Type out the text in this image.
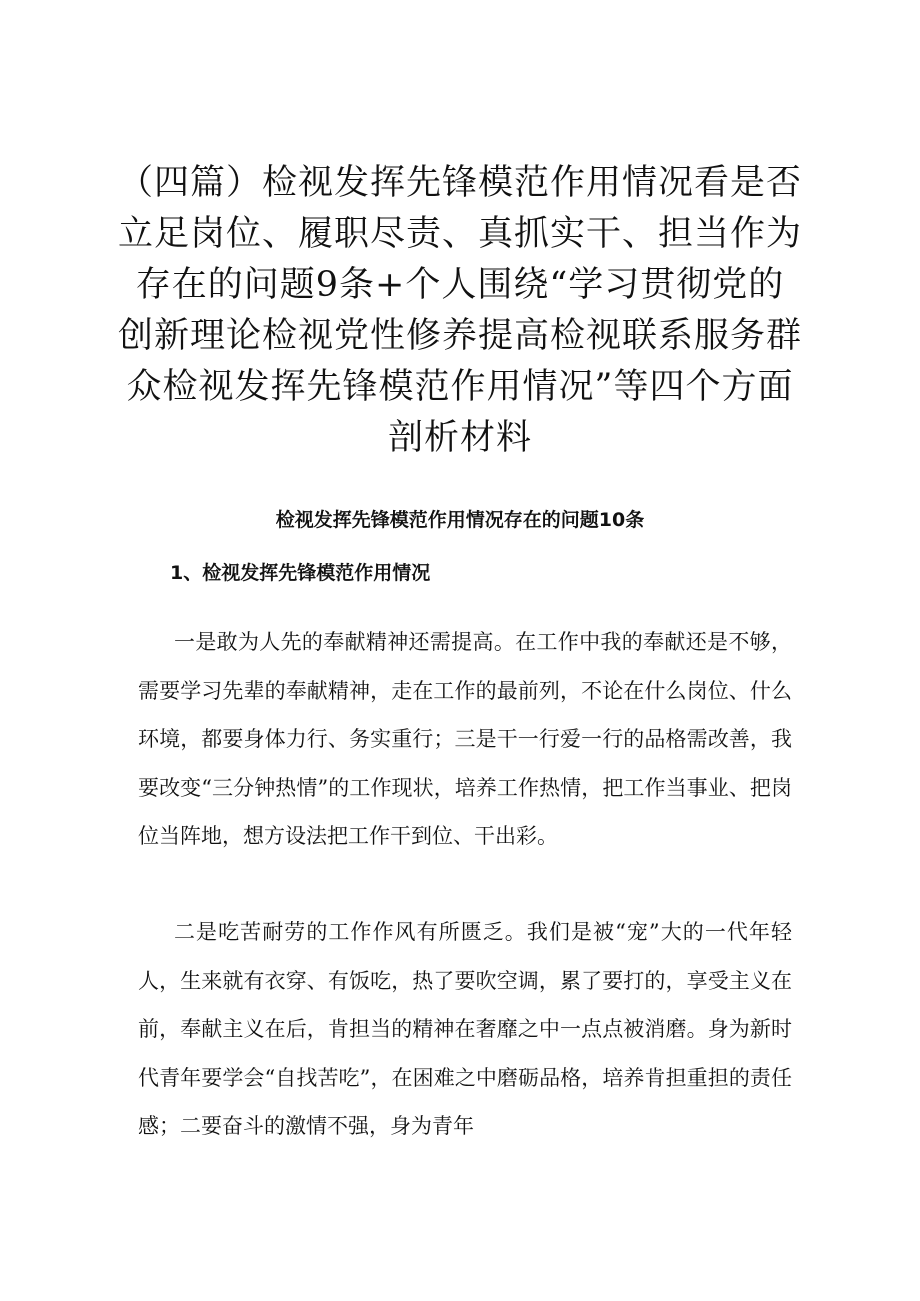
（四篇）检视发挥先锋模范作用情况看是否立足岗位、履职尽责、真抓实干、担当作为存在的问题9条+个人围绕“学习贯彻党的创新理论检视党性修养提高检视联系服务群众检视发挥先锋模范作用情况”等四个方面剖析材料
检视发挥先锋模范作用情况存在的问题10条
1、检视发挥先锋模范作用情况

一是敢为人先的奉献精神还需提高。在工作中我的奉献还是不够，需要学习先辈的奉献精神，走在工作的最前列，不论在什么岗位、什么环境，都要身体力行、务实重行；三是干一行爱一行的品格需改善，我要改变“三分钟热情”的工作现状，培养工作热情，把工作当事业、把岗位当阵地，想方设法把工作干到位、干出彩。

二是吃苦耐劳的工作作风有所匮乏。我们是被“宠”大的一代年轻人，生来就有衣穿、有饭吃，热了要吹空调，累了要打的，享受主义在前，奉献主义在后，肯担当的精神在奢靡之中一点点被消磨。身为新时代青年要学会“自找苦吃”，在困难之中磨砺品格，培养肯担重担的责任感；二要奋斗的激情不强，身为青年
